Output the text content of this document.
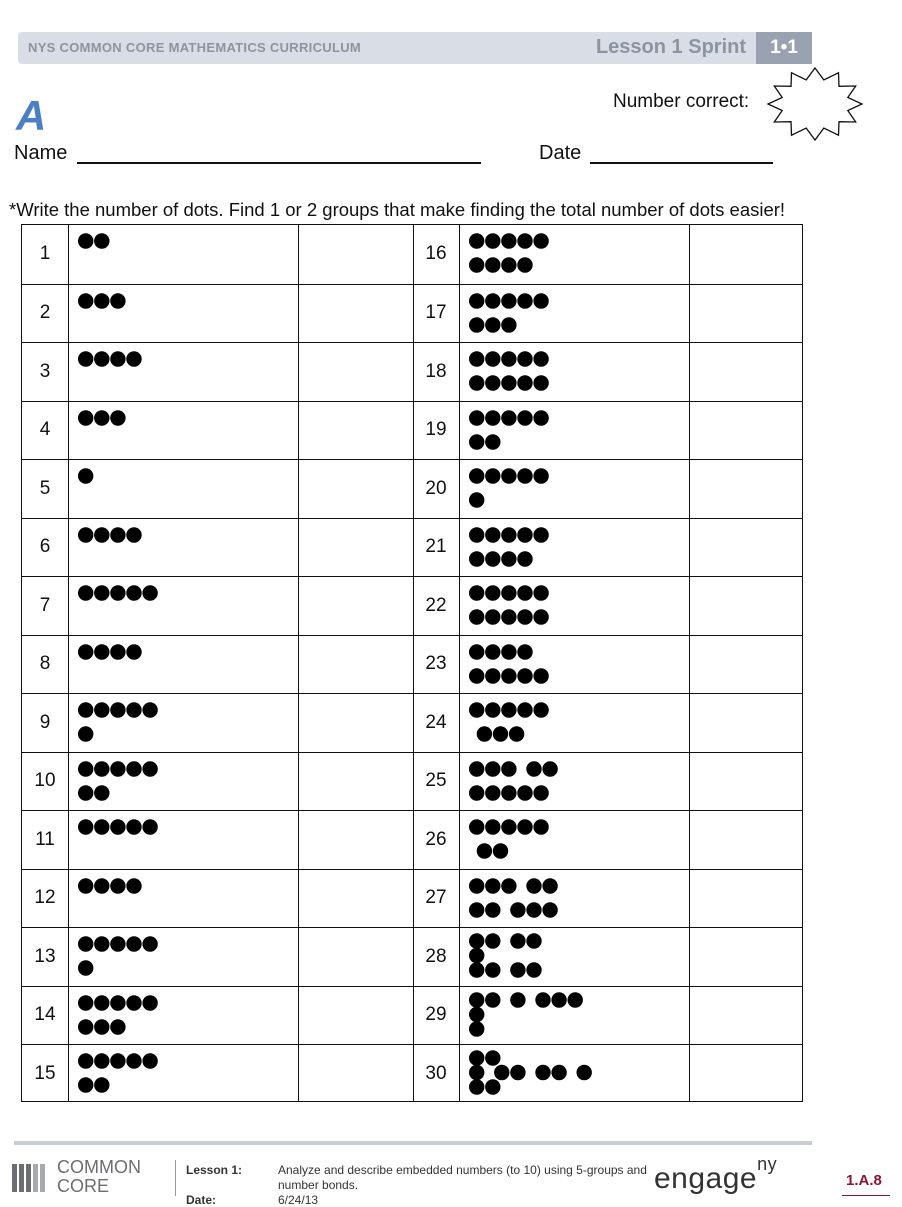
NYS COMMON CORE MATHEMATICS CURRICULUM	Lesson 1 Sprint	1•1
A	Number correct:
Name	Date
*Write the number of dots. Find 1 or 2 groups that make finding the total number of dots easier!
1	16
2	17
3	18
4	19
5	20
6	21
7	22
8	23
9	24
10	25
11	26
12	27
13	28
14	29
15	30
COMMON
CORE
Lesson 1:	Analyze and describe embedded numbers (to 10) using 5-groups and number bonds.
Date:	6/24/13
engage$^{ny}$
1.A.8
